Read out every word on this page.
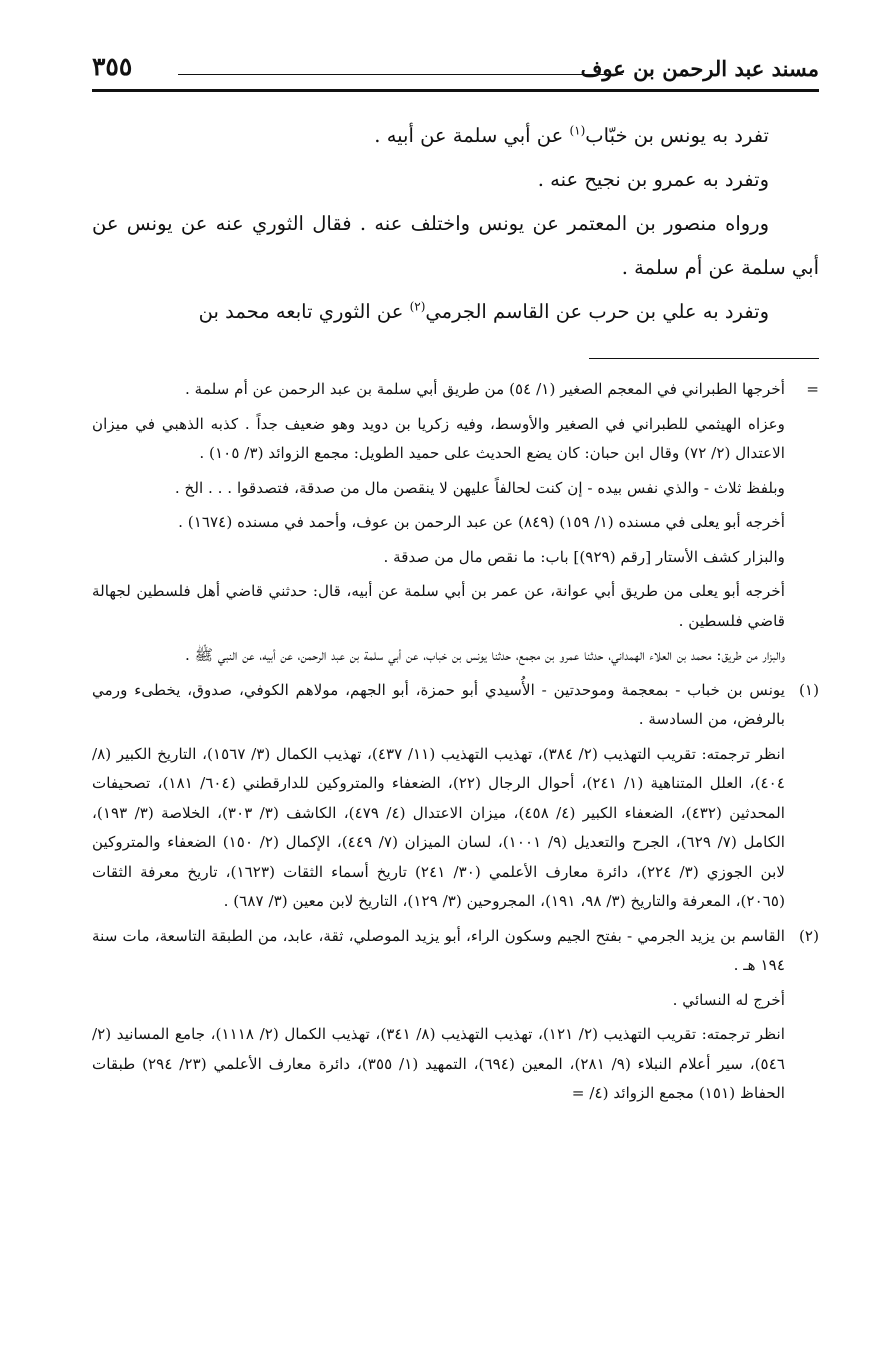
مسند عبد الرحمن بن عوف
٣٥٥

تفرد به يونس بن خبّاب$^{(١)}$ عن أبي سلمة عن أبيه .

وتفرد به عمرو بن نجيح عنه .

ورواه منصور بن المعتمر عن يونس واختلف عنه . فقال الثوري عنه عن يونس عن أبي سلمة عن أم سلمة .

وتفرد به علي بن حرب عن القاسم الجرمي$^{(٢)}$ عن الثوري تابعه محمد بن

=
أخرجها الطبراني في المعجم الصغير (١/ ٥٤) من طريق أبي سلمة بن عبد الرحمن عن أم سلمة .
وعزاه الهيثمي للطبراني في الصغير والأوسط، وفيه زكريا بن دويد وهو ضعيف جداً . كذبه الذهبي في ميزان الاعتدال (٢/ ٧٢) وقال ابن حبان: كان يضع الحديث على حميد الطويل: مجمع الزوائد (٣/ ١٠٥) .
وبلفظ ثلاث - والذي نفس بيده - إن كنت لحالفاً عليهن لا ينقصن مال من صدقة، فتصدقوا . . . الخ .
أخرجه أبو يعلى في مسنده (١/ ١٥٩) (٨٤٩) عن عبد الرحمن بن عوف، وأحمد في مسنده (١٦٧٤) .
والبزار كشف الأستار [رقم (٩٢٩)] باب: ما نقص مال من صدقة .
أخرجه أبو يعلى من طريق أبي عوانة، عن عمر بن أبي سلمة عن أبيه، قال: حدثني قاضي أهل فلسطين لجهالة قاضي فلسطين .
والبزار من طريق: محمد بن العلاء الهمداني، حدثنا عمرو بن مجمع، حدثنا يونس بن خباب، عن أبي سلمة بن عبد الرحمن، عن أبيه، عن النبي ﷺ .
(١)
يونس بن خباب - بمعجمة وموحدتين - الأُسيدي أبو حمزة، أبو الجهم، مولاهم الكوفي، صدوق، يخطىء ورمي بالرفض، من السادسة .
انظر ترجمته: تقريب التهذيب (٢/ ٣٨٤)، تهذيب التهذيب (١١/ ٤٣٧)، تهذيب الكمال (٣/ ١٥٦٧)، التاريخ الكبير (٨/ ٤٠٤)، العلل المتناهية (١/ ٢٤١)، أحوال الرجال (٢٢)، الضعفاء والمتروكين للدارقطني (٦٠٤/ ١٨١)، تصحيفات المحدثين (٤٣٢)، الضعفاء الكبير (٤/ ٤٥٨)، ميزان الاعتدال (٤/ ٤٧٩)، الكاشف (٣/ ٣٠٣)، الخلاصة (٣/ ١٩٣)، الكامل (٧/ ٦٢٩)، الجرح والتعديل (٩/ ١٠٠١)، لسان الميزان (٧/ ٤٤٩)، الإكمال (٢/ ١٥٠) الضعفاء والمتروكين لابن الجوزي (٣/ ٢٢٤)، دائرة معارف الأعلمي (٣٠/ ٢٤١) تاريخ أسماء الثقات (١٦٢٣)، تاريخ معرفة الثقات (٢٠٦٥)، المعرفة والتاريخ (٣/ ٩٨، ١٩١)، المجروحين (٣/ ١٢٩)، التاريخ لابن معين (٣/ ٦٨٧) .
(٢)
القاسم بن يزيد الجرمي - بفتح الجيم وسكون الراء، أبو يزيد الموصلي، ثقة، عابد، من الطبقة التاسعة، مات سنة ١٩٤ هـ .
أخرج له النسائي .
انظر ترجمته: تقريب التهذيب (٢/ ١٢١)، تهذيب التهذيب (٨/ ٣٤١)، تهذيب الكمال (٢/ ١١١٨)، جامع المسانيد (٢/ ٥٤٦)، سير أعلام النبلاء (٩/ ٢٨١)، المعين (٦٩٤)، التمهيد (١/ ٣٥٥)، دائرة معارف الأعلمي (٢٣/ ٢٩٤) طبقات الحفاظ (١٥١) مجمع الزوائد (٤/ =
